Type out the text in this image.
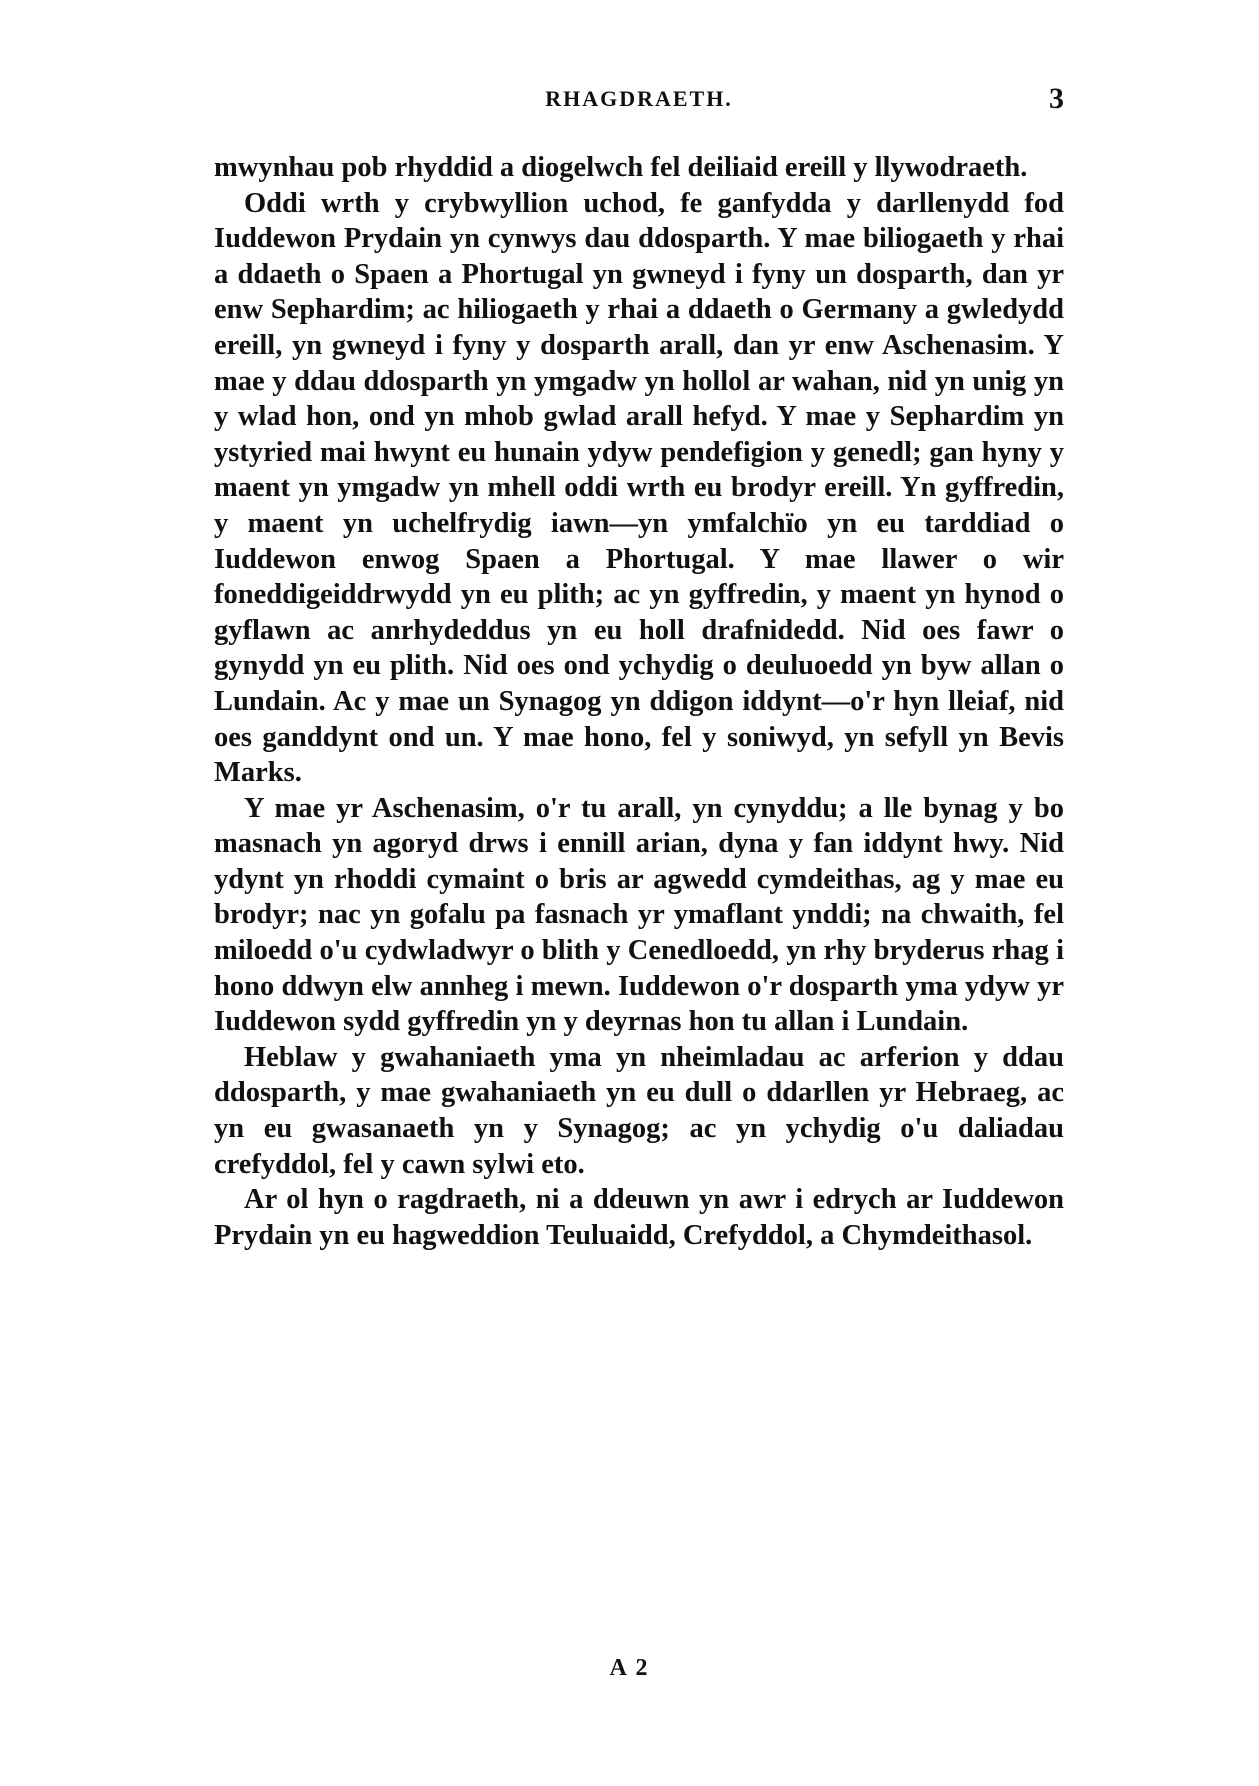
RHAGDRAETH.	3

mwynhau pob rhyddid a diogelwch fel deiliaid ereill y llywodraeth.

Oddi wrth y crybwyllion uchod, fe ganfydda y darllenydd fod Iuddewon Prydain yn cynwys dau ddosparth. Y mae biliogaeth y rhai a ddaeth o Spaen a Phortugal yn gwneyd i fyny un dosparth, dan yr enw Sephardim; ac hiliogaeth y rhai a ddaeth o Germany a gwledydd ereill, yn gwneyd i fyny y dosparth arall, dan yr enw Aschenasim. Y mae y ddau ddosparth yn ymgadw yn hollol ar wahan, nid yn unig yn y wlad hon, ond yn mhob gwlad arall hefyd. Y mae y Sephardim yn ystyried mai hwynt eu hunain ydyw pendefigion y genedl; gan hyny y maent yn ymgadw yn mhell oddi wrth eu brodyr ereill. Yn gyffredin, y maent yn uchelfrydig iawn—yn ymfalchïo yn eu tarddiad o Iuddewon enwog Spaen a Phortugal. Y mae llawer o wir foneddigeiddrwydd yn eu plith; ac yn gyffredin, y maent yn hynod o gyflawn ac anrhydeddus yn eu holl drafnidedd. Nid oes fawr o gynydd yn eu plith. Nid oes ond ychydig o deuluoedd yn byw allan o Lundain. Ac y mae un Synagog yn ddigon iddynt—o'r hyn lleiaf, nid oes ganddynt ond un. Y mae hono, fel y soniwyd, yn sefyll yn Bevis Marks.

Y mae yr Aschenasim, o'r tu arall, yn cynyddu; a lle bynag y bo masnach yn agoryd drws i ennill arian, dyna y fan iddynt hwy. Nid ydynt yn rhoddi cymaint o bris ar agwedd cymdeithas, ag y mae eu brodyr; nac yn gofalu pa fasnach yr ymaflant ynddi; na chwaith, fel miloedd o'u cydwladwyr o blith y Cenedloedd, yn rhy bryderus rhag i hono ddwyn elw annheg i mewn. Iuddewon o'r dosparth yma ydyw yr Iuddewon sydd gyffredin yn y deyrnas hon tu allan i Lundain.

Heblaw y gwahaniaeth yma yn nheimladau ac arferion y ddau ddosparth, y mae gwahaniaeth yn eu dull o ddarllen yr Hebraeg, ac yn eu gwasanaeth yn y Synagog; ac yn ychydig o'u daliadau crefyddol, fel y cawn sylwi eto.

Ar ol hyn o ragdraeth, ni a ddeuwn yn awr i edrych ar Iuddewon Prydain yn eu hagweddion Teuluaidd, Crefyddol, a Chymdeithasol.

A 2
